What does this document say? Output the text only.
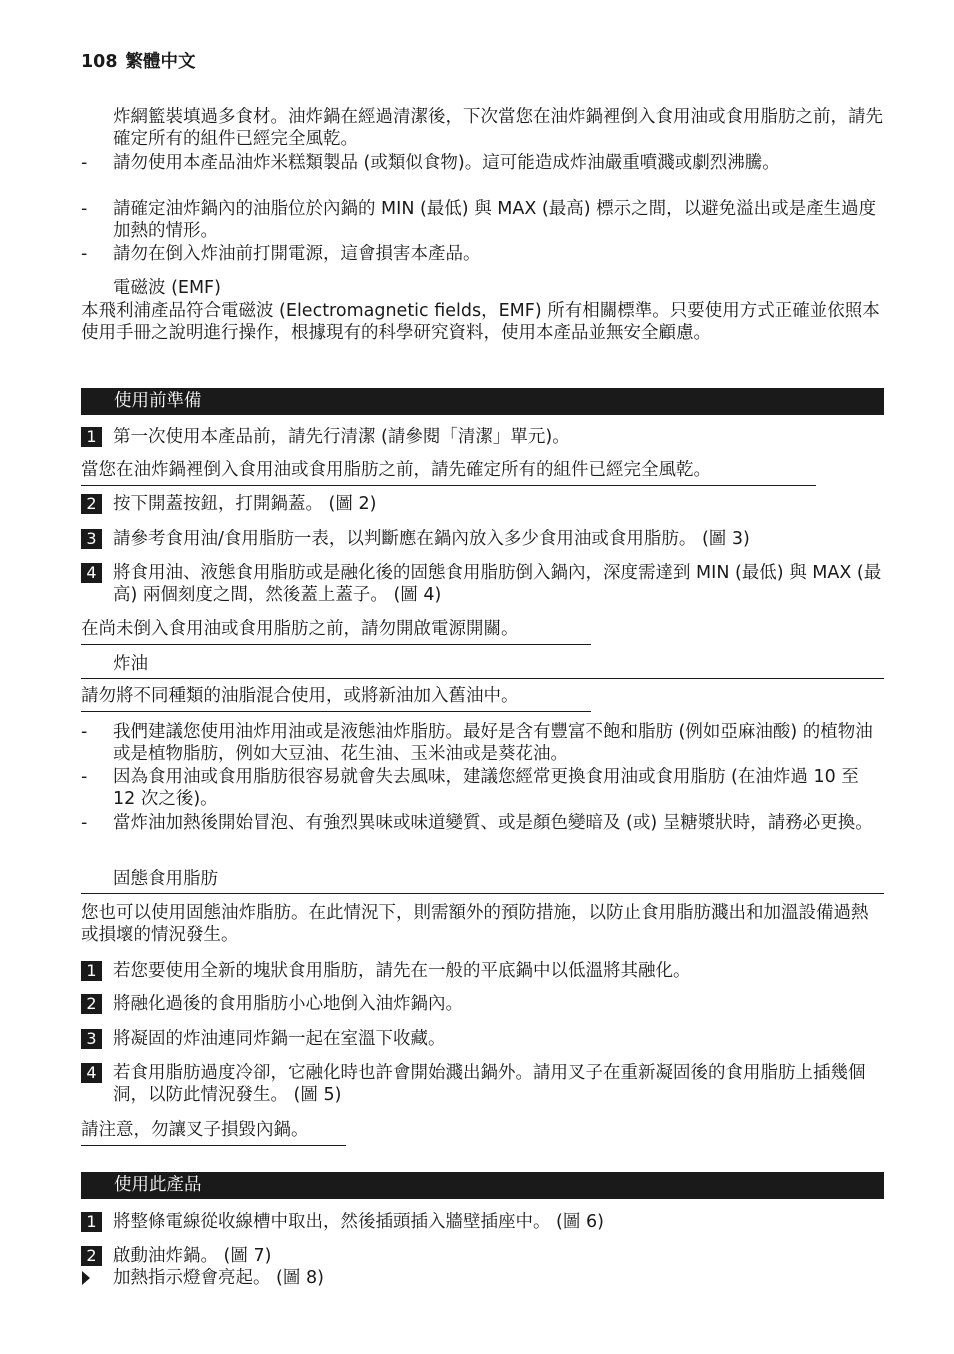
108 繁體中文
炸網籃裝填過多食材。油炸鍋在經過清潔後，下次當您在油炸鍋裡倒入食用油或食用脂肪之前，請先確定所有的組件已經完全風乾。
-	請勿使用本產品油炸米糕類製品 (或類似食物)。這可能造成炸油嚴重噴濺或劇烈沸騰。
-	請確定油炸鍋內的油脂位於內鍋的 MIN (最低) 與 MAX (最高) 標示之間，以避免溢出或是產生過度加熱的情形。
-	請勿在倒入炸油前打開電源，這會損害本產品。
電磁波 (EMF)
本飛利浦產品符合電磁波 (Electromagnetic fields，EMF) 所有相關標準。只要使用方式正確並依照本使用手冊之說明進行操作，根據現有的科學研究資料，使用本產品並無安全顧慮。
使用前準備
1 第一次使用本產品前，請先行清潔 (請參閱「清潔」單元)。
當您在油炸鍋裡倒入食用油或食用脂肪之前，請先確定所有的組件已經完全風乾。
2 按下開蓋按鈕，打開鍋蓋。 (圖 2)
3 請參考食用油/食用脂肪一表，以判斷應在鍋內放入多少食用油或食用脂肪。 (圖 3)
4 將食用油、液態食用脂肪或是融化後的固態食用脂肪倒入鍋內，深度需達到 MIN (最低) 與 MAX (最高) 兩個刻度之間，然後蓋上蓋子。 (圖 4)
在尚未倒入食用油或食用脂肪之前，請勿開啟電源開關。
炸油
請勿將不同種類的油脂混合使用，或將新油加入舊油中。
-	我們建議您使用油炸用油或是液態油炸脂肪。最好是含有豐富不飽和脂肪 (例如亞麻油酸) 的植物油或是植物脂肪，例如大豆油、花生油、玉米油或是葵花油。
-	因為食用油或食用脂肪很容易就會失去風味，建議您經常更換食用油或食用脂肪 (在油炸過 10 至 12 次之後)。
-	當炸油加熱後開始冒泡、有強烈異味或味道變質、或是顏色變暗及 (或) 呈糖漿狀時，請務必更換。
固態食用脂肪
您也可以使用固態油炸脂肪。在此情況下，則需額外的預防措施，以防止食用脂肪濺出和加溫設備過熱或損壞的情況發生。
1 若您要使用全新的塊狀食用脂肪，請先在一般的平底鍋中以低溫將其融化。
2 將融化過後的食用脂肪小心地倒入油炸鍋內。
3 將凝固的炸油連同炸鍋一起在室溫下收藏。
4 若食用脂肪過度冷卻，它融化時也許會開始濺出鍋外。請用叉子在重新凝固後的食用脂肪上插幾個洞，以防此情況發生。 (圖 5)
請注意，勿讓叉子損毀內鍋。
使用此產品
1 將整條電線從收線槽中取出，然後插頭插入牆壁插座中。 (圖 6)
2 啟動油炸鍋。 (圖 7)
加熱指示燈會亮起。 (圖 8)
